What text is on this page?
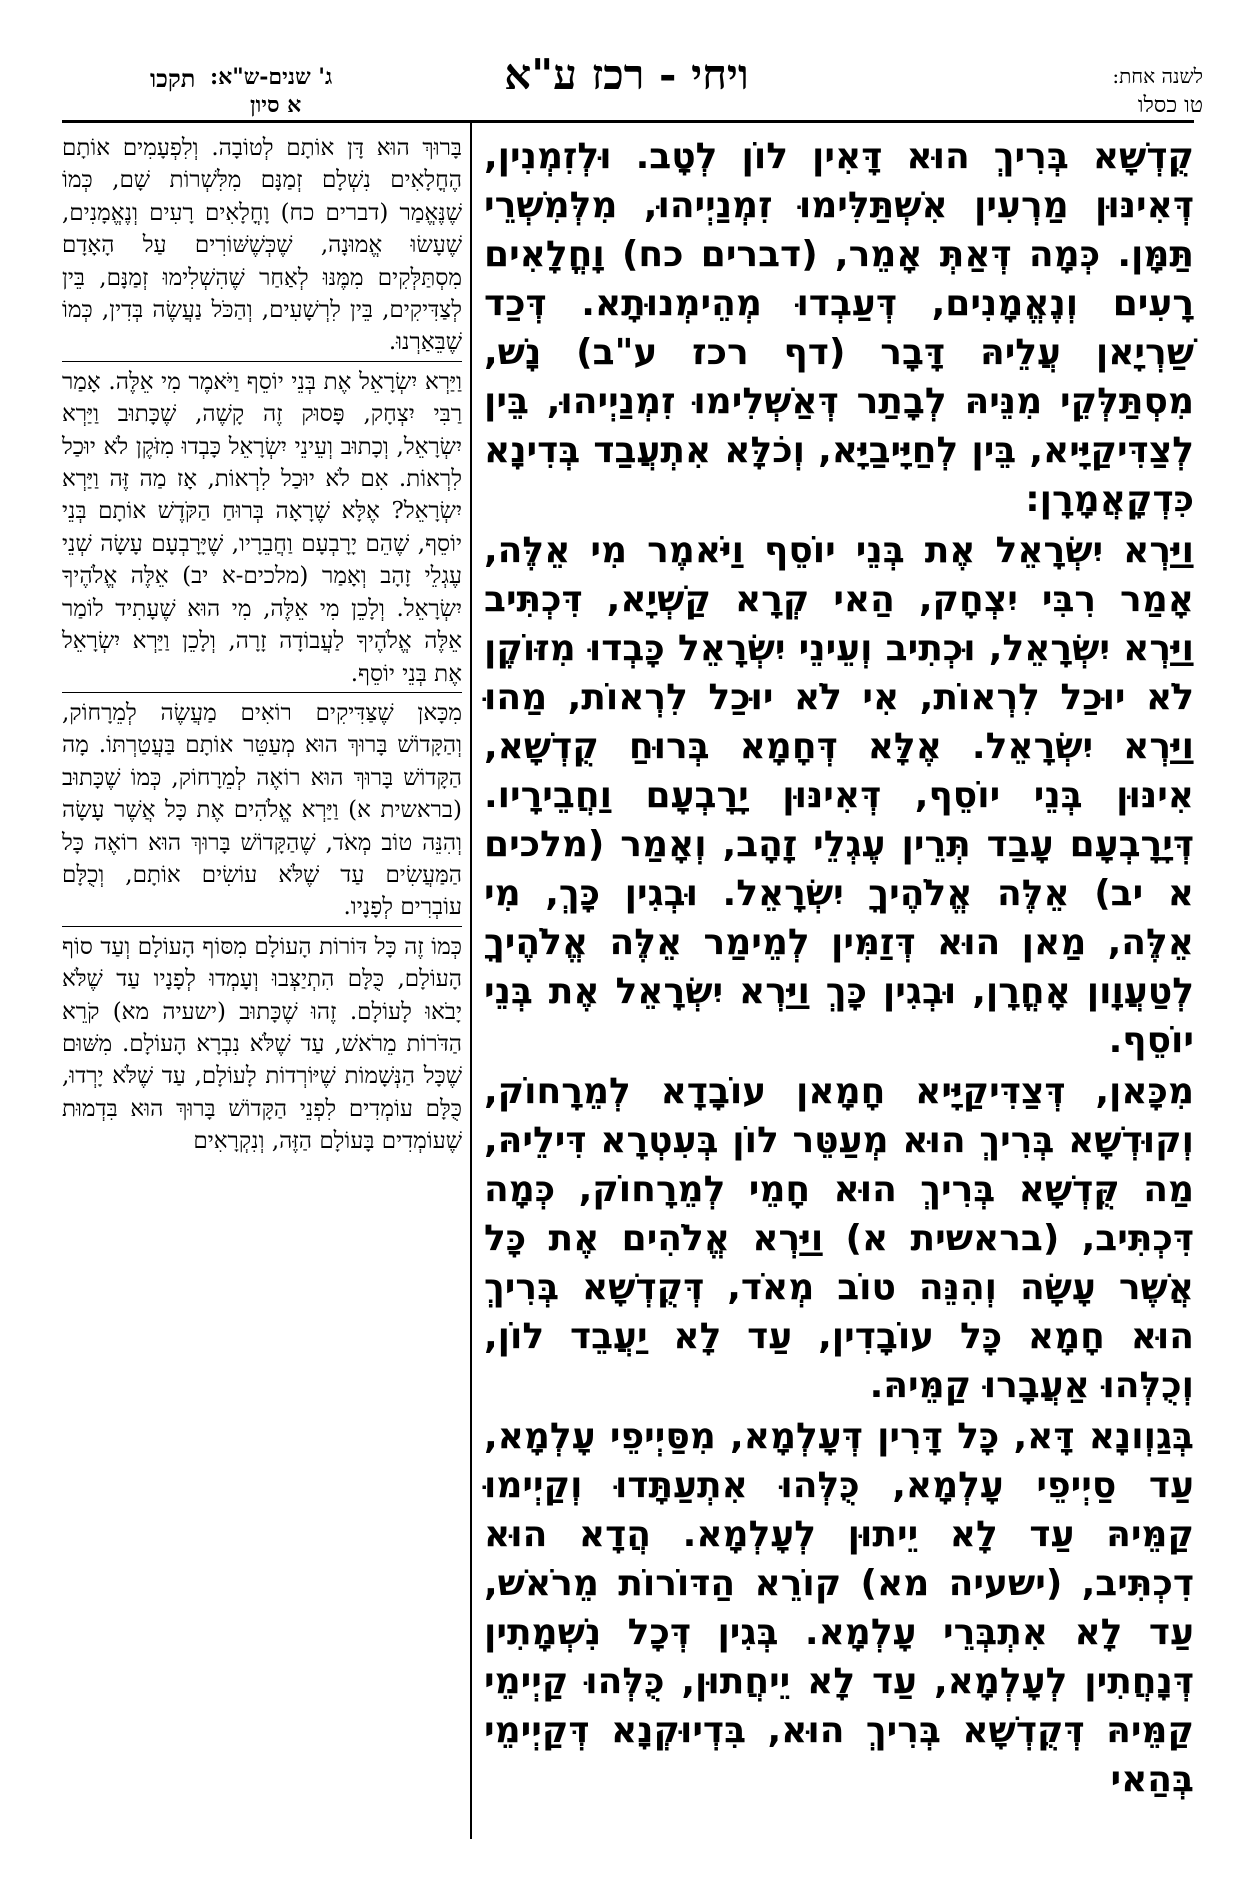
תקכו ג' שנים-ש"א:
א סיון
ויחי - רכז ע"א	לשנה אחת:
טו כסלו

קֻדְשָׁא בְּרִיךְ הוּא דָּאִין לוֹן לְטָב. וּלְזִמְנִין, דְּאִינּוּן מַרְעִין אִשְׁתַּלִּימוּ זִמְנַיְיהוּ, מִלְּמִשְׁרֵי תַּמָּן. כְּמָה דְּאַתְּ אָמֵר, (דברים כח) וָחֳלָאִים רָעִים וְנֶאֱמָנִים, דְּעַבְדוּ מְהֵימְנוּתָא. דְּכַד שַׁרְיָאן עֲלֵיהּ דָּבָר (דף רכז ע"ב) נָשׁ, מִסְתַּלְּקֵי מִנֵּיהּ לְבָתַר דְּאַשְׁלִימוּ זִמְנַיְיהוּ, בֵּין לְצַדִּיקַיָּיא, בֵּין לְחַיָּיבַיָּא, וְכֹלָּא אִתְעֲבַד בְּדִינָא כִּדְקָאֲמָרָן:

וַיַּרְא יִשְׂרָאֵל אֶת בְּנֵי יוֹסֵף וַיֹּאמֶר מִי אֵלֶּה, אָמַר רִבִּי יִצְחָק, הַאי קְרָא קַשְׁיָא, דִּכְתִּיב וַיַּרְא יִשְׂרָאֵל, וּכְתִיב וְעֵינֵי יִשְׂרָאֵל כָּבְדוּ מִזּוֹקֶן לֹא יוּכַל לִרְאוֹת, אִי לֹא יוּכַל לִרְאוֹת, מַהוּ וַיַּרְא יִשְׂרָאֵל. אֶלָּא דְּחָמָא בְּרוּחַ קֻדְשָׁא, אִינּוּן בְּנֵי יוֹסֵף, דְּאִינּוּן יָרָבְעָם וַחֲבֵירָיו. דְּיָרָבְעָם עָבַד תְּרֵין עֶגְלֵי זָהָב, וְאָמַר (מלכים א יב) אֵלֶּה אֱלֹהֶיךָ יִשְׂרָאֵל. וּבְגִין כָּךְ, מִי אֵלֶּה, מַאן הוּא דְּזַמִּין לְמֵימַר אֵלֶּה אֱלֹהֶיךָ לְטַעֲוָון אָחֳרָן, וּבְגִין כָּךְ וַיַּרְא יִשְׂרָאֵל אֶת בְּנֵי יוֹסֵף.

מִכָּאן, דְּצַדִּיקַיָּיא חָמָאן עוֹבָדָא לְמֵרָחוֹק, וְקוּדְשָׁא בְּרִיךְ הוּא מְעַטֵּר לוֹן בְּעִטְרָא דִּילֵיהּ, מַה קֻּדְשָׁא בְּרִיךְ הוּא חָמֵי לְמֵרָחוֹק, כְּמָה דִּכְתִּיב, (בראשית א) וַיַּרְא אֱלֹהִים אֶת כָּל אֲשֶׁר עָשָׂה וְהִנֵּה טוֹב מְאֹד, דְּקֻדְשָׁא בְּרִיךְ הוּא חָמָא כָּל עוֹבָדִין, עַד לָא יַעֲבֵד לוֹן, וְכֻלְּהוּ אַעֲבָרוּ קַמֵּיהּ.

בְּגַוְונָא דָּא, כָּל דָּרִין דְּעָלְמָא, מִסַּיְיפֵי עָלְמָא, עַד סַיְיפֵי עָלְמָא, כֻּלְּהוּ אִתְעַתָּדוּ וְקַיְימוּ קַמֵּיהּ עַד לָא יֵיתוּן לְעָלְמָא. הֲדָא הוּא דִכְתִּיב, (ישעיה מא) קוֹרֵא הַדּוֹרוֹת מֵרֹאשׁ, עַד לָא אִתְבְּרֵי עָלְמָא. בְּגִין דְּכָל נִשְׁמָתִין דְּנָחֲתִין לְעָלְמָא, עַד לָא יֵיחֲתוּן, כֻּלְּהוּ קַיְימֵי קַמֵּיהּ דְּקֻדְשָׁא בְּרִיךְ הוּא, בִּדְיוּקְנָא דְּקַיְימֵי בְּהַאי

בָּרוּךְ הוּא דָּן אוֹתָם לְטוֹבָה. וְלִפְעָמִים אוֹתָם הֶחֳלָאִים נִשְׁלָם זְמַנָּם מִלִּשְׁרוֹת שָׁם, כְּמוֹ שֶׁנֶּאֱמַר (דברים כח) וָחֳלָאִים רָעִים וְנֶאֱמָנִים, שֶׁעָשׂוּ אֱמוּנָה, שֶׁכְּשֶׁשּׁוֹרִים עַל הָאָדָם מִסְתַּלְּקִים מִמֶּנּוּ לְאַחַר שֶׁהִשְׁלִימוּ זְמַנָּם, בֵּין לְצַדִּיקִים, בֵּין לִרְשָׁעִים, וְהַכֹּל נַעֲשֶׂה בְּדִין, כְּמוֹ שֶׁבֵּאַרְנוּ.

וַיַּרְא יִשְׂרָאֵל אֶת בְּנֵי יוֹסֵף וַיֹּאמֶר מִי אֵלֶּה. אָמַר רַבִּי יִצְחָק, פָּסוּק זֶה קָשֶׁה, שֶׁכָּתוּב וַיַּרְא יִשְׂרָאֵל, וְכָתוּב וְעֵינֵי יִשְׂרָאֵל כָּבְדוּ מִזֹּקֶן לֹא יוּכַל לִרְאוֹת. אִם לֹא יוּכַל לִרְאוֹת, אָז מַה זֶּה וַיַּרְא יִשְׂרָאֵל? אֶלָּא שֶׁרָאָה בְּרוּחַ הַקֹּדֶשׁ אוֹתָם בְּנֵי יוֹסֵף, שֶׁהֵם יָרָבְעָם וַחֲבֵרָיו, שֶׁיָּרָבְעָם עָשָׂה שְׁנֵי עֶגְלֵי זָהָב וְאָמַר (מלכים-א יב) אֵלֶּה אֱלֹהֶיךָ יִשְׂרָאֵל. וְלָכֵן מִי אֵלֶּה, מִי הוּא שֶׁעָתִיד לוֹמַר אֵלֶּה אֱלֹהֶיךָ לַעֲבוֹדָה זָרָה, וְלָכֵן וַיַּרְא יִשְׂרָאֵל אֶת בְּנֵי יוֹסֵף.

מִכָּאן שֶׁצַּדִּיקִים רוֹאִים מַעֲשֶׂה לְמֵרָחוֹק, וְהַקָּדוֹשׁ בָּרוּךְ הוּא מְעַטֵּר אוֹתָם בַּעֲטַרְתּוֹ. מָה הַקָּדוֹשׁ בָּרוּךְ הוּא רוֹאֶה לְמֵרָחוֹק, כְּמוֹ שֶׁכָּתוּב (בראשית א) וַיַּרְא אֱלֹהִים אֶת כָּל אֲשֶׁר עָשָׂה וְהִנֵּה טוֹב מְאֹד, שֶׁהַקָּדוֹשׁ בָּרוּךְ הוּא רוֹאֶה כָּל הַמַּעֲשִׂים עַד שֶׁלֹּא עוֹשִׂים אוֹתָם, וְכֻלָּם עוֹבְרִים לְפָנָיו.

כְּמוֹ זֶה כָּל דּוֹרוֹת הָעוֹלָם מִסּוֹף הָעוֹלָם וְעַד סוֹף הָעוֹלָם, כֻּלָּם הִתְיַצְּבוּ וְעָמְדוּ לְפָנָיו עַד שֶׁלֹּא יָבֹאוּ לָעוֹלָם. זֶהוּ שֶׁכָּתוּב (ישעיה מא) קֹרֵא הַדֹּרוֹת מֵרֹאשׁ, עַד שֶׁלֹּא נִבְרָא הָעוֹלָם. מִשּׁוּם שֶׁכָּל הַנְּשָׁמוֹת שֶׁיּוֹרְדוֹת לָעוֹלָם, עַד שֶׁלֹּא יָרְדוּ, כֻּלָּם עוֹמְדִים לִפְנֵי הַקָּדוֹשׁ בָּרוּךְ הוּא בִּדְמוּת שֶׁעוֹמְדִים בָּעוֹלָם הַזֶּה, וְנִקְרָאִים
